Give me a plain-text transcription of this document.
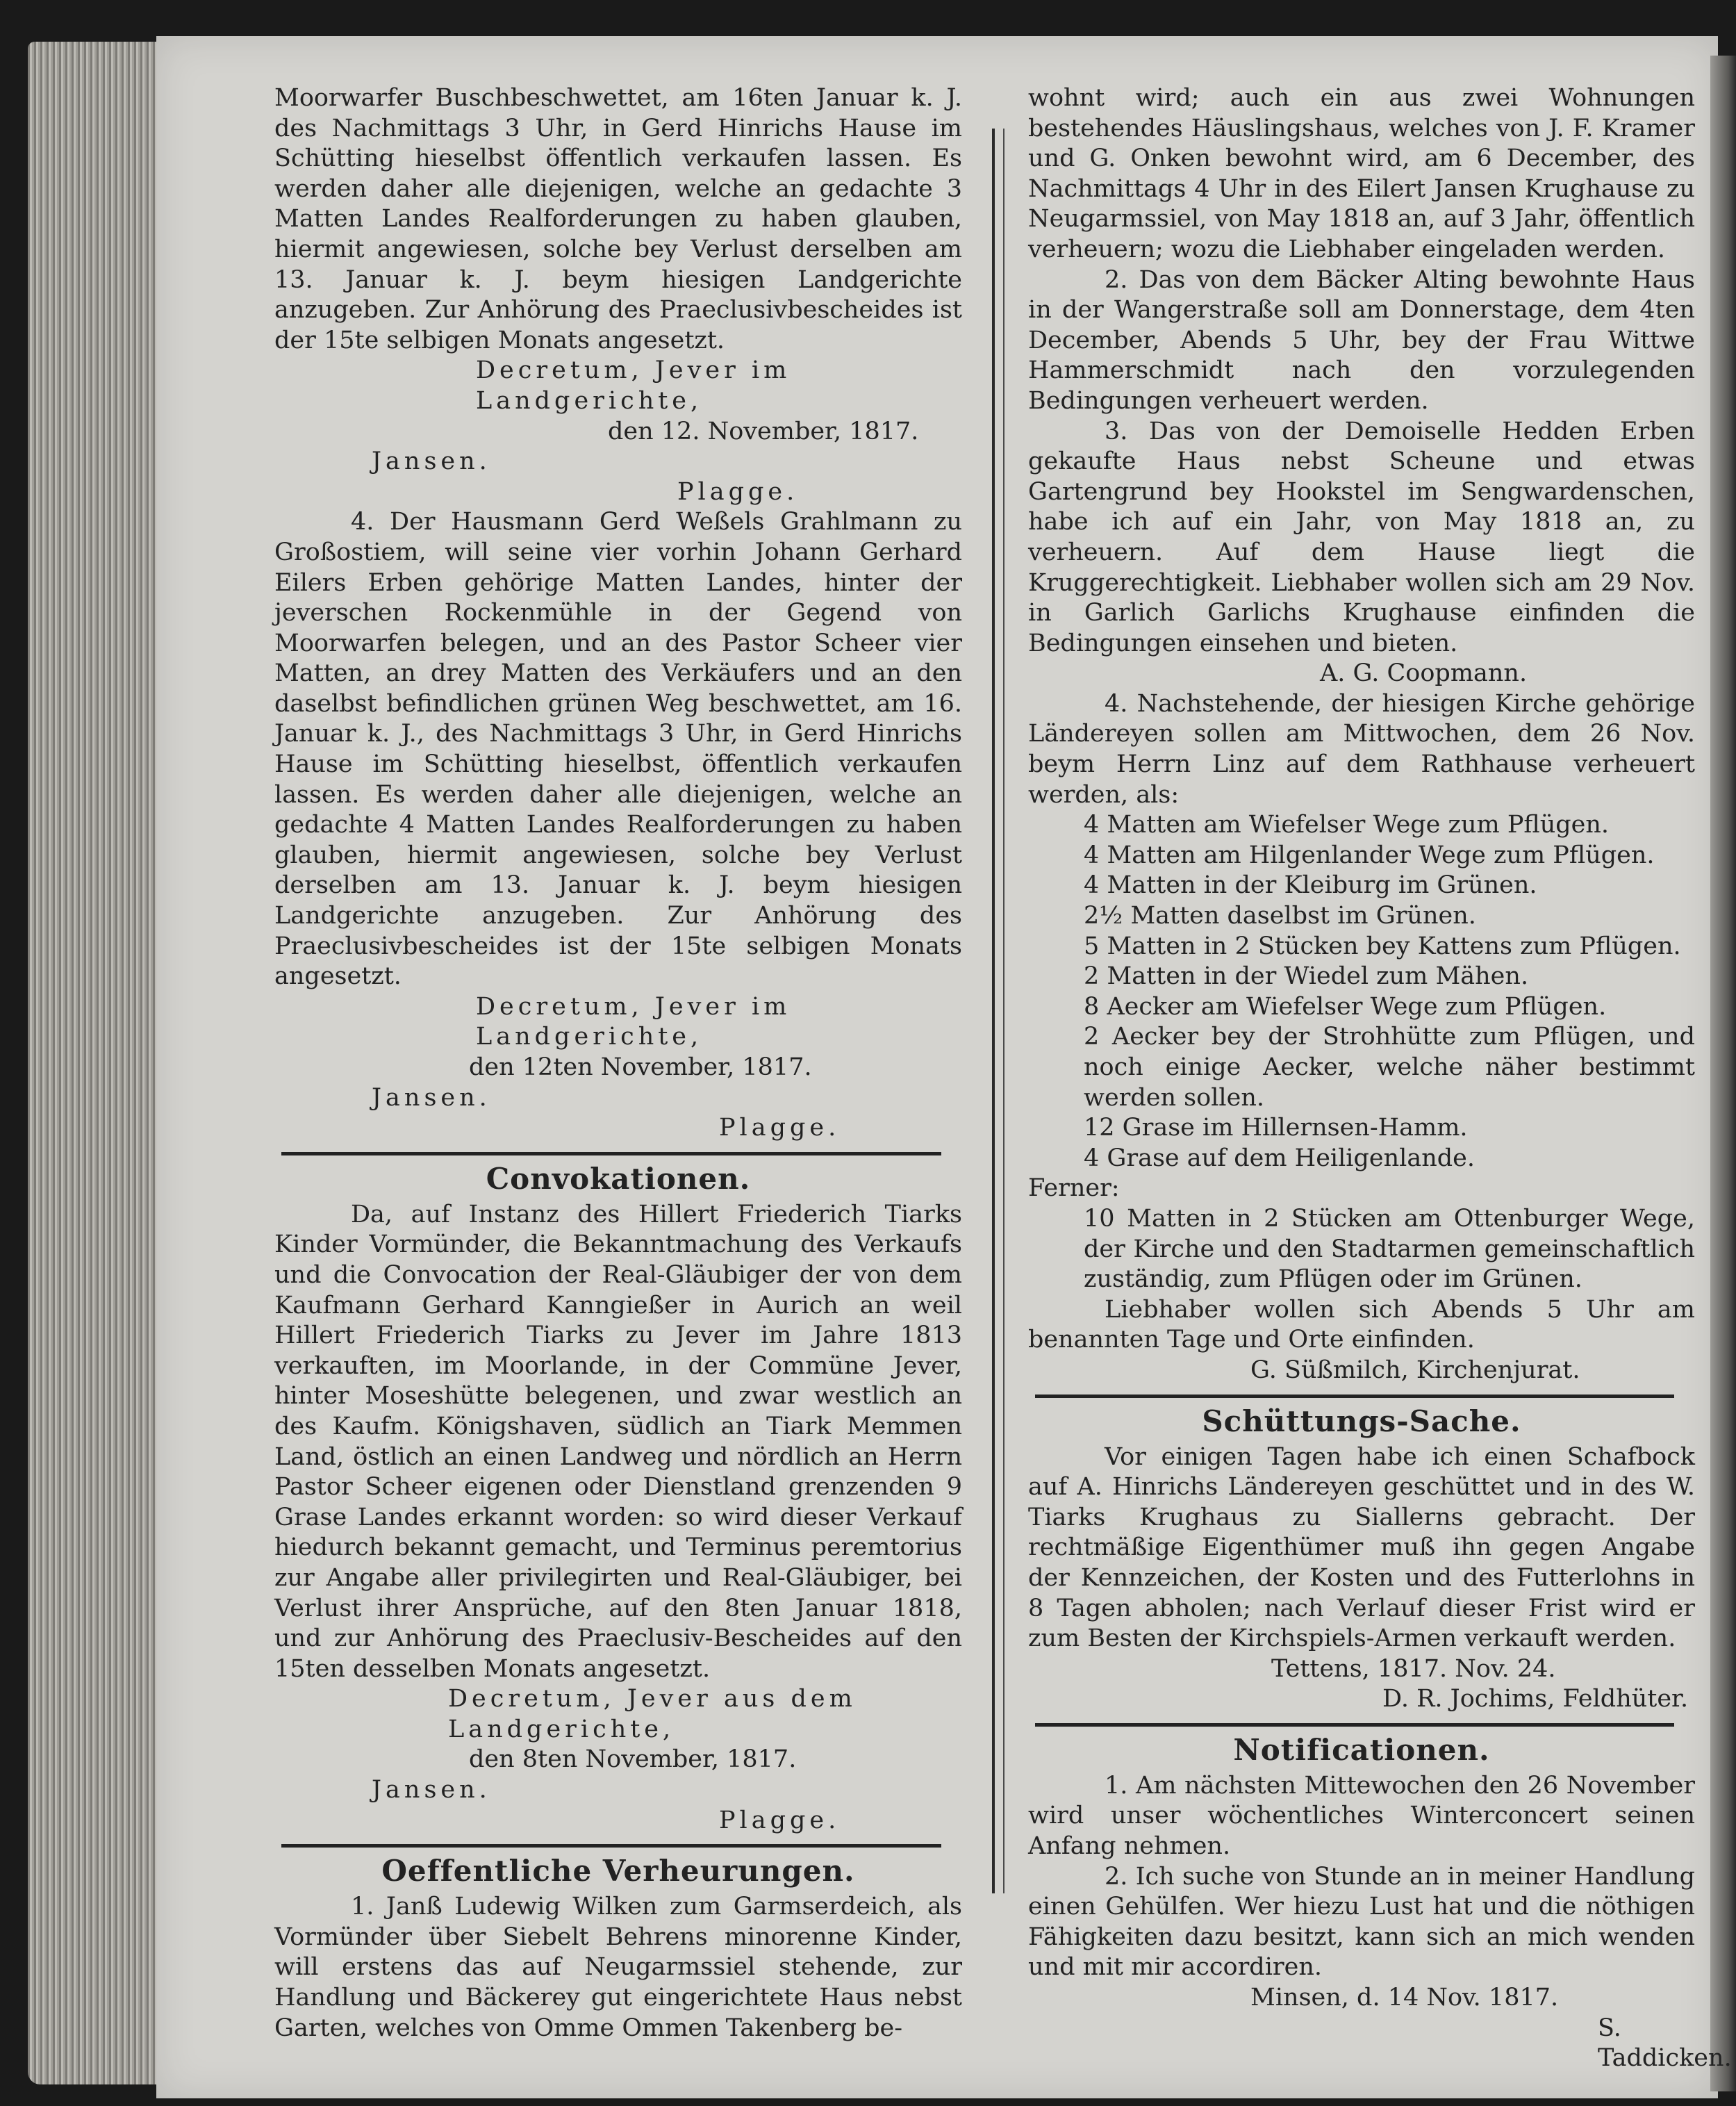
Moorwarfer Buschbeschwettet, am 16ten Januar k. J. des Nachmittags 3 Uhr, in Gerd Hinrichs Hause im Schütting hieselbst öffentlich verkaufen lassen. Es werden daher alle diejenigen, welche an gedachte 3 Matten Landes Realforderungen zu haben glauben, hiermit angewiesen, solche bey Verlust derselben am 13. Januar k. J. beym hiesigen Landgerichte anzugeben. Zur Anhörung des Praeclusivbescheides ist der 15te selbigen Monats angesetzt.

Decretum, Jever im Landgerichte,

den 12. November, 1817.

Jansen.

Plagge.

4. Der Hausmann Gerd Weßels Grahlmann zu Großostiem, will seine vier vorhin Johann Gerhard Eilers Erben gehörige Matten Landes, hinter der jeverschen Rockenmühle in der Gegend von Moorwarfen belegen, und an des Pastor Scheer vier Matten, an drey Matten des Verkäufers und an den daselbst befindlichen grünen Weg beschwettet, am 16. Januar k. J., des Nachmittags 3 Uhr, in Gerd Hinrichs Hause im Schütting hieselbst, öffentlich verkaufen lassen. Es werden daher alle diejenigen, welche an gedachte 4 Matten Landes Realforderungen zu haben glauben, hiermit angewiesen, solche bey Verlust derselben am 13. Januar k. J. beym hiesigen Landgerichte anzugeben. Zur Anhörung des Praeclusivbescheides ist der 15te selbigen Monats angesetzt.

Decretum, Jever im Landgerichte,

den 12ten November, 1817.

Jansen.

Plagge.

Convokationen.

Da, auf Instanz des Hillert Friederich Tiarks Kinder Vormünder, die Bekanntmachung des Verkaufs und die Convocation der Real-Gläubiger der von dem Kaufmann Gerhard Kanngießer in Aurich an weil Hillert Friederich Tiarks zu Jever im Jahre 1813 verkauften, im Moorlande, in der Commüne Jever, hinter Moseshütte belegenen, und zwar westlich an des Kaufm. Königshaven, südlich an Tiark Memmen Land, östlich an einen Landweg und nördlich an Herrn Pastor Scheer eigenen oder Dienstland grenzenden 9 Grase Landes erkannt worden: so wird dieser Verkauf hiedurch bekannt gemacht, und Terminus peremtorius zur Angabe aller privilegirten und Real-Gläubiger, bei Verlust ihrer Ansprüche, auf den 8ten Januar 1818, und zur Anhörung des Praeclusiv-Bescheides auf den 15ten desselben Monats angesetzt.

Decretum, Jever aus dem Landgerichte,

den 8ten November, 1817.

Jansen.

Plagge.

Oeffentliche Verheurungen.

1. Janß Ludewig Wilken zum Garmserdeich, als Vormünder über Siebelt Behrens minorenne Kinder, will erstens das auf Neugarmssiel stehende, zur Handlung und Bäckerey gut eingerichtete Haus nebst Garten, welches von Omme Ommen Takenberg be-

wohnt wird; auch ein aus zwei Wohnungen bestehendes Häuslingshaus, welches von J. F. Kramer und G. Onken bewohnt wird, am 6 December, des Nachmittags 4 Uhr in des Eilert Jansen Krughause zu Neugarmssiel, von May 1818 an, auf 3 Jahr, öffentlich verheuern; wozu die Liebhaber eingeladen werden.

2. Das von dem Bäcker Alting bewohnte Haus in der Wangerstraße soll am Donnerstage, dem 4ten December, Abends 5 Uhr, bey der Frau Wittwe Hammerschmidt nach den vorzulegenden Bedingungen verheuert werden.

3. Das von der Demoiselle Hedden Erben gekaufte Haus nebst Scheune und etwas Gartengrund bey Hookstel im Sengwardenschen, habe ich auf ein Jahr, von May 1818 an, zu verheuern. Auf dem Hause liegt die Kruggerechtigkeit. Liebhaber wollen sich am 29 Nov. in Garlich Garlichs Krughause einfinden die Bedingungen einsehen und bieten.

A. G. Coopmann.

4. Nachstehende, der hiesigen Kirche gehörige Ländereyen sollen am Mittwochen, dem 26 Nov. beym Herrn Linz auf dem Rathhause verheuert werden, als:

4 Matten am Wiefelser Wege zum Pflügen.

4 Matten am Hilgenlander Wege zum Pflügen.

4 Matten in der Kleiburg im Grünen.

2½ Matten daselbst im Grünen.

5 Matten in 2 Stücken bey Kattens zum Pflügen.

2 Matten in der Wiedel zum Mähen.

8 Aecker am Wiefelser Wege zum Pflügen.

2 Aecker bey der Strohhütte zum Pflügen, und noch einige Aecker, welche näher bestimmt werden sollen.

12 Grase im Hillernsen-Hamm.

4 Grase auf dem Heiligenlande.

Ferner:

10 Matten in 2 Stücken am Ottenburger Wege, der Kirche und den Stadtarmen gemeinschaftlich zuständig, zum Pflügen oder im Grünen.

Liebhaber wollen sich Abends 5 Uhr am benannten Tage und Orte einfinden.

G. Süßmilch, Kirchenjurat.

Schüttungs-Sache.

Vor einigen Tagen habe ich einen Schafbock auf A. Hinrichs Ländereyen geschüttet und in des W. Tiarks Krughaus zu Siallerns gebracht. Der rechtmäßige Eigenthümer muß ihn gegen Angabe der Kennzeichen, der Kosten und des Futterlohns in 8 Tagen abholen; nach Verlauf dieser Frist wird er zum Besten der Kirchspiels-Armen verkauft werden.

Tettens, 1817. Nov. 24.

D. R. Jochims, Feldhüter.

Notificationen.

1. Am nächsten Mittewochen den 26 November wird unser wöchentliches Winterconcert seinen Anfang nehmen.

2. Ich suche von Stunde an in meiner Handlung einen Gehülfen. Wer hiezu Lust hat und die nöthigen Fähigkeiten dazu besitzt, kann sich an mich wenden und mit mir accordiren.

Minsen, d. 14 Nov. 1817.

S. Taddicken.
